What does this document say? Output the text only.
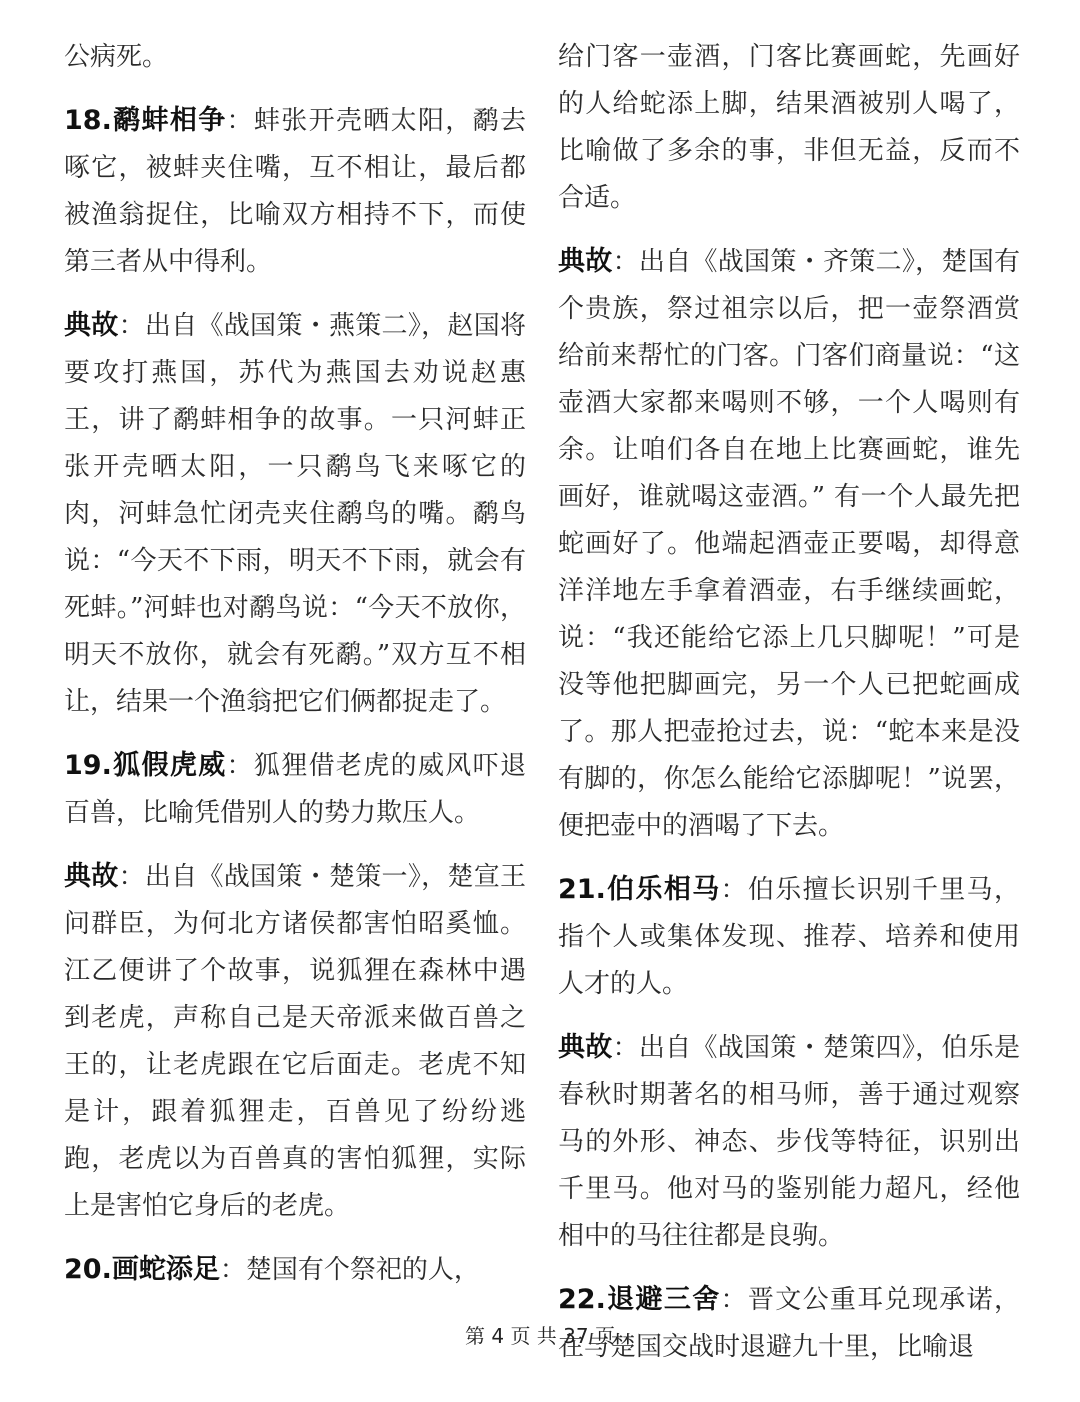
公病死。

18.鹬蚌相争：蚌张开壳晒太阳，鹬去啄它，被蚌夹住嘴，互不相让，最后都被渔翁捉住，比喻双方相持不下，而使第三者从中得利。

典故：出自《战国策・燕策二》，赵国将要攻打燕国，苏代为燕国去劝说赵惠王，讲了鹬蚌相争的故事。一只河蚌正张开壳晒太阳，一只鹬鸟飞来啄它的肉，河蚌急忙闭壳夹住鹬鸟的嘴。鹬鸟说：“今天不下雨，明天不下雨，就会有死蚌。”河蚌也对鹬鸟说：“今天不放你，明天不放你，就会有死鹬。”双方互不相让，结果一个渔翁把它们俩都捉走了。

19.狐假虎威：狐狸借老虎的威风吓退百兽，比喻凭借别人的势力欺压人。

典故：出自《战国策・楚策一》，楚宣王问群臣，为何北方诸侯都害怕昭奚恤。江乙便讲了个故事，说狐狸在森林中遇到老虎，声称自己是天帝派来做百兽之王的，让老虎跟在它后面走。老虎不知是计，跟着狐狸走，百兽见了纷纷逃跑，老虎以为百兽真的害怕狐狸，实际上是害怕它身后的老虎。

20.画蛇添足：楚国有个祭祀的人，

给门客一壶酒，门客比赛画蛇，先画好的人给蛇添上脚，结果酒被别人喝了，比喻做了多余的事，非但无益，反而不合适。

典故：出自《战国策・齐策二》，楚国有个贵族，祭过祖宗以后，把一壶祭酒赏给前来帮忙的门客。门客们商量说：“这壶酒大家都来喝则不够，一个人喝则有余。让咱们各自在地上比赛画蛇，谁先画好，谁就喝这壶酒。” 有一个人最先把蛇画好了。他端起酒壶正要喝，却得意洋洋地左手拿着酒壶，右手继续画蛇，说：“我还能给它添上几只脚呢！”可是没等他把脚画完，另一个人已把蛇画成了。那人把壶抢过去，说：“蛇本来是没有脚的，你怎么能给它添脚呢！”说罢，便把壶中的酒喝了下去。

21.伯乐相马：伯乐擅长识别千里马，指个人或集体发现、推荐、培养和使用人才的人。

典故：出自《战国策・楚策四》，伯乐是春秋时期著名的相马师，善于通过观察马的外形、神态、步伐等特征，识别出千里马。他对马的鉴别能力超凡，经他相中的马往往都是良驹。

22.退避三舍：晋文公重耳兑现承诺，在与楚国交战时退避九十里，比喻退

第 4 页 共 37 页
